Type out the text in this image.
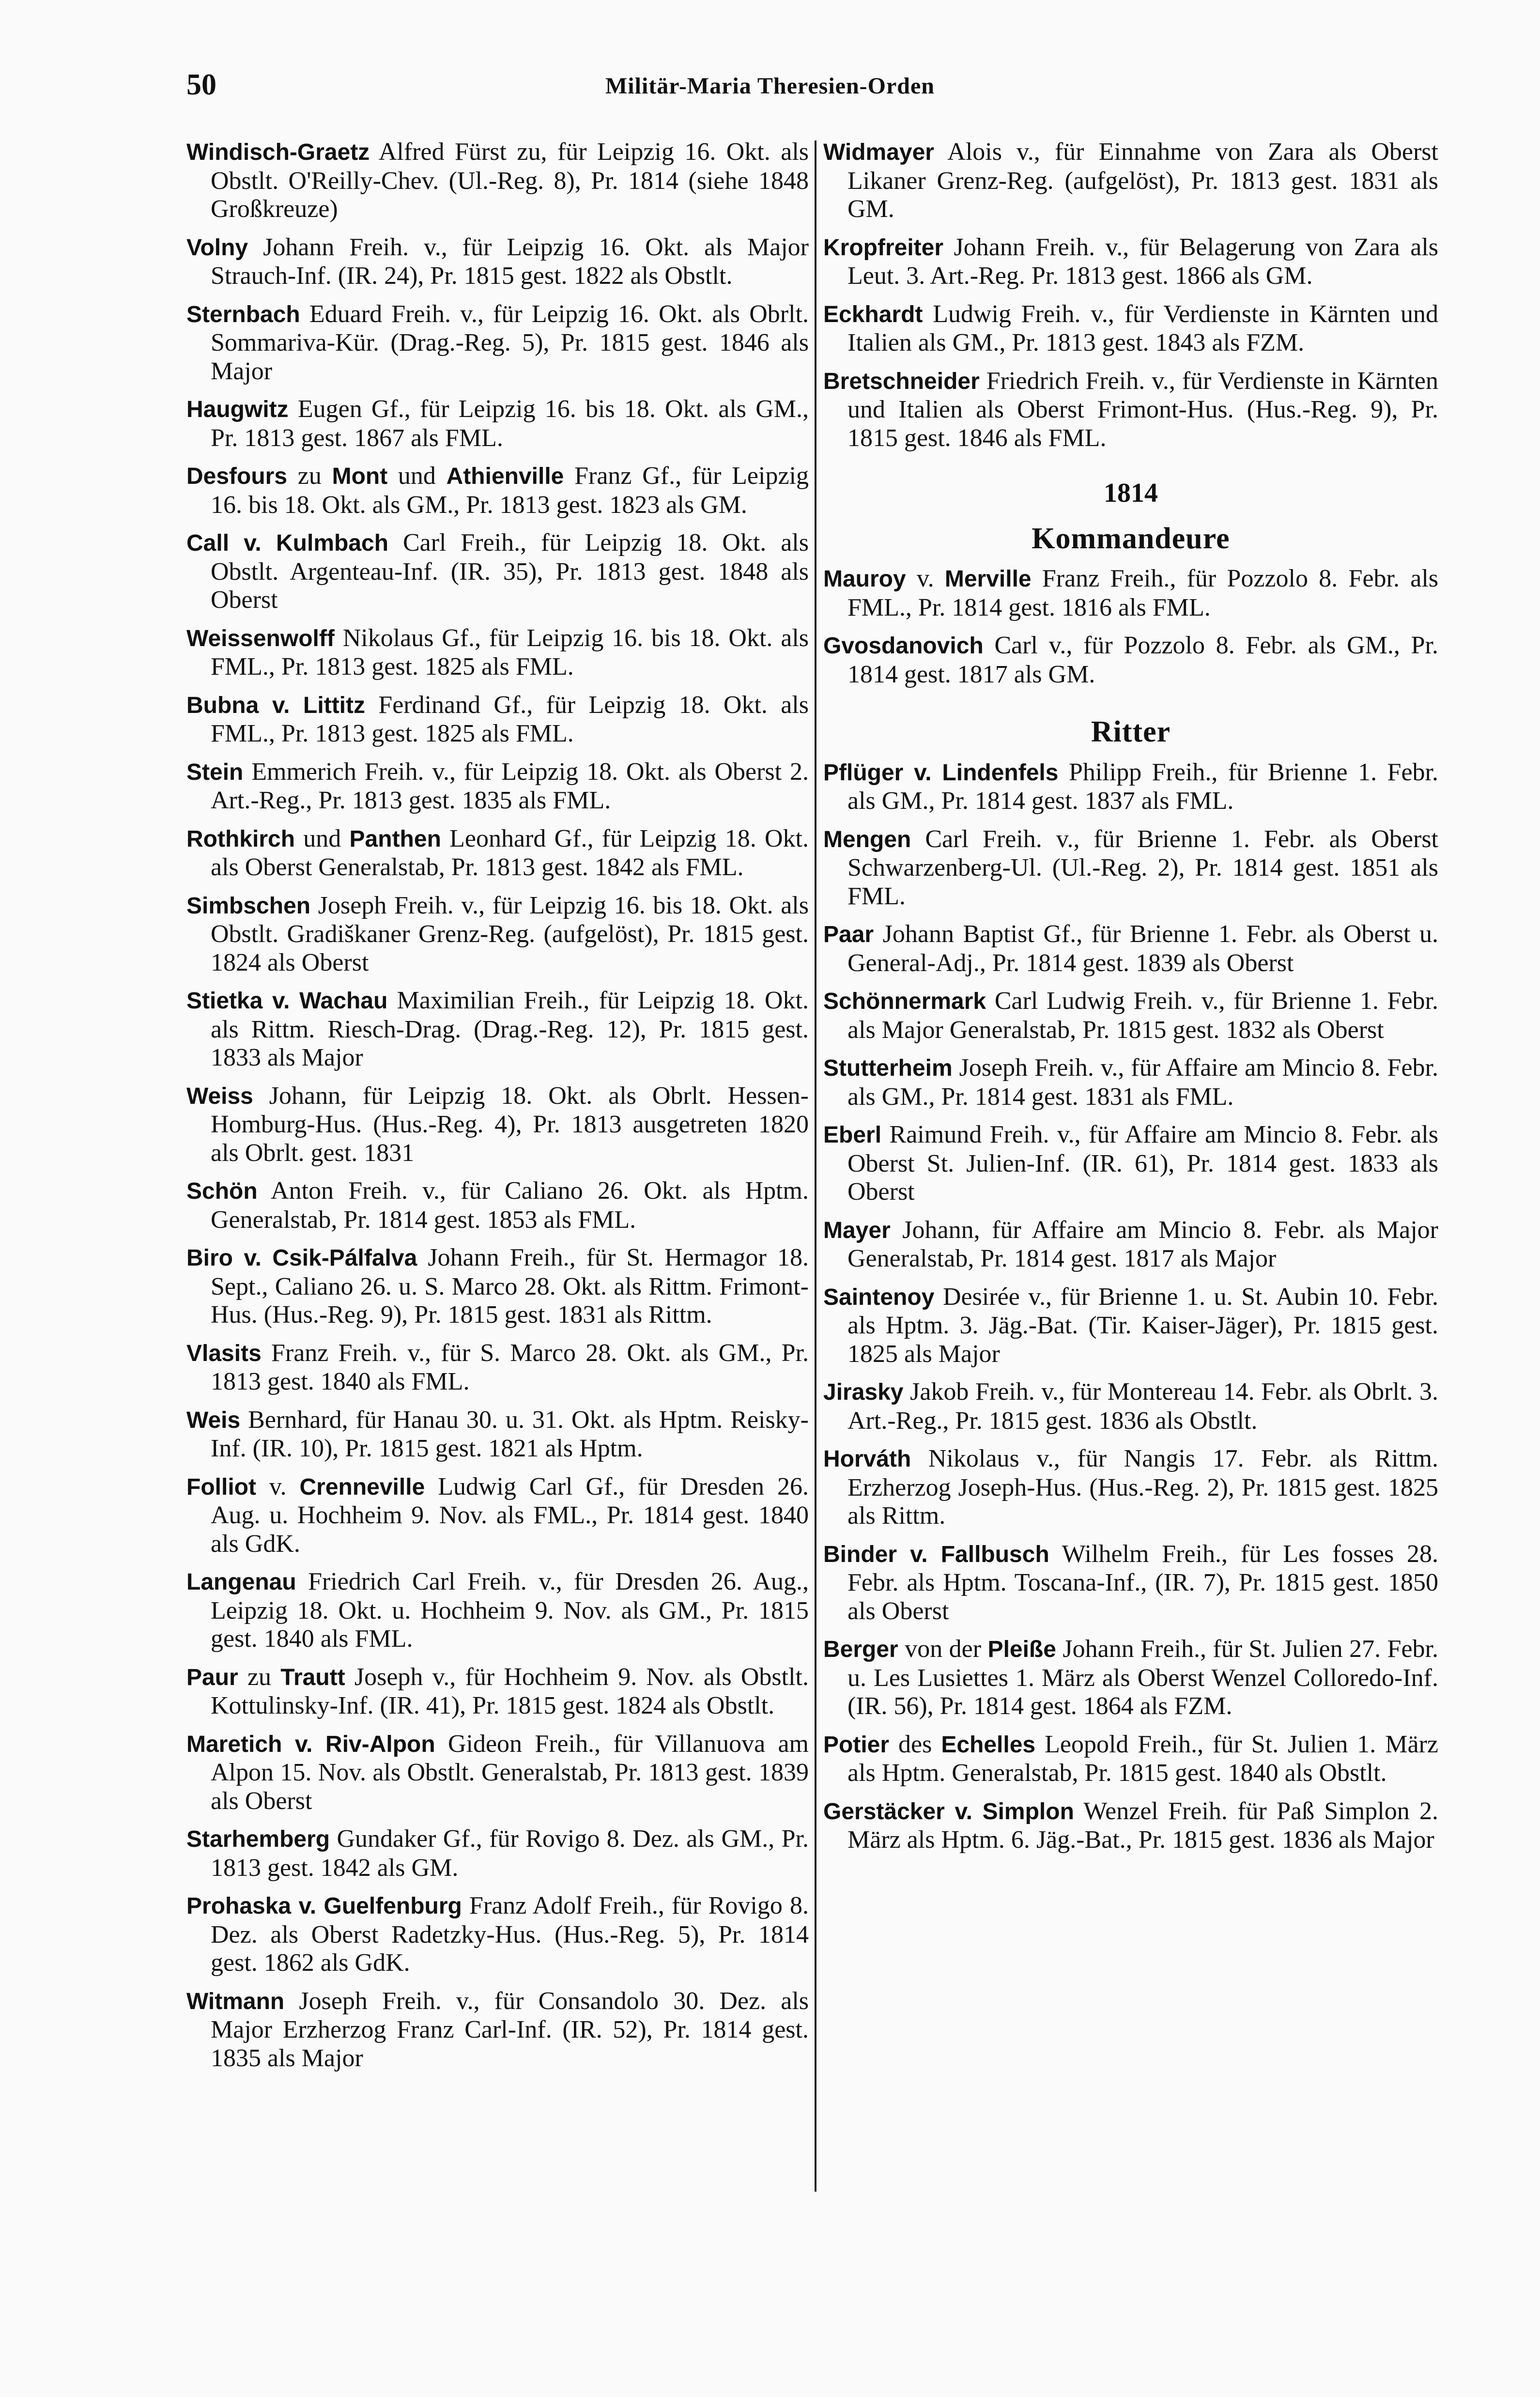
50	Militär-Maria Theresien-Orden

Windisch-Graetz Alfred Fürst zu, für Leipzig 16. Okt. als Obstlt. O'Reilly-Chev. (Ul.-Reg. 8), Pr. 1814 (siehe 1848 Großkreuze)

Volny Johann Freih. v., für Leipzig 16. Okt. als Major Strauch-Inf. (IR. 24), Pr. 1815 gest. 1822 als Obstlt.

Sternbach Eduard Freih. v., für Leipzig 16. Okt. als Obrlt. Sommariva-Kür. (Drag.-Reg. 5), Pr. 1815 gest. 1846 als Major

Haugwitz Eugen Gf., für Leipzig 16. bis 18. Okt. als GM., Pr. 1813 gest. 1867 als FML.

Desfours zu Mont und Athienville Franz Gf., für Leipzig 16. bis 18. Okt. als GM., Pr. 1813 gest. 1823 als GM.

Call v. Kulmbach Carl Freih., für Leipzig 18. Okt. als Obstlt. Argenteau-Inf. (IR. 35), Pr. 1813 gest. 1848 als Oberst

Weissenwolff Nikolaus Gf., für Leipzig 16. bis 18. Okt. als FML., Pr. 1813 gest. 1825 als FML.

Bubna v. Littitz Ferdinand Gf., für Leipzig 18. Okt. als FML., Pr. 1813 gest. 1825 als FML.

Stein Emmerich Freih. v., für Leipzig 18. Okt. als Oberst 2. Art.-Reg., Pr. 1813 gest. 1835 als FML.

Rothkirch und Panthen Leonhard Gf., für Leipzig 18. Okt. als Oberst Generalstab, Pr. 1813 gest. 1842 als FML.

Simbschen Joseph Freih. v., für Leipzig 16. bis 18. Okt. als Obstlt. Gradiškaner Grenz-Reg. (aufgelöst), Pr. 1815 gest. 1824 als Oberst

Stietka v. Wachau Maximilian Freih., für Leipzig 18. Okt. als Rittm. Riesch-Drag. (Drag.-Reg. 12), Pr. 1815 gest. 1833 als Major

Weiss Johann, für Leipzig 18. Okt. als Obrlt. Hessen-Homburg-Hus. (Hus.-Reg. 4), Pr. 1813 ausgetreten 1820 als Obrlt. gest. 1831

Schön Anton Freih. v., für Caliano 26. Okt. als Hptm. Generalstab, Pr. 1814 gest. 1853 als FML.

Biro v. Csik-Pálfalva Johann Freih., für St. Hermagor 18. Sept., Caliano 26. u. S. Marco 28. Okt. als Rittm. Frimont-Hus. (Hus.-Reg. 9), Pr. 1815 gest. 1831 als Rittm.

Vlasits Franz Freih. v., für S. Marco 28. Okt. als GM., Pr. 1813 gest. 1840 als FML.

Weis Bernhard, für Hanau 30. u. 31. Okt. als Hptm. Reisky-Inf. (IR. 10), Pr. 1815 gest. 1821 als Hptm.

Folliot v. Crenneville Ludwig Carl Gf., für Dresden 26. Aug. u. Hochheim 9. Nov. als FML., Pr. 1814 gest. 1840 als GdK.

Langenau Friedrich Carl Freih. v., für Dresden 26. Aug., Leipzig 18. Okt. u. Hochheim 9. Nov. als GM., Pr. 1815 gest. 1840 als FML.

Paur zu Trautt Joseph v., für Hochheim 9. Nov. als Obstlt. Kottulinsky-Inf. (IR. 41), Pr. 1815 gest. 1824 als Obstlt.

Maretich v. Riv-Alpon Gideon Freih., für Villanuova am Alpon 15. Nov. als Obstlt. Generalstab, Pr. 1813 gest. 1839 als Oberst

Starhemberg Gundaker Gf., für Rovigo 8. Dez. als GM., Pr. 1813 gest. 1842 als GM.

Prohaska v. Guelfenburg Franz Adolf Freih., für Rovigo 8. Dez. als Oberst Radetzky-Hus. (Hus.-Reg. 5), Pr. 1814 gest. 1862 als GdK.

Witmann Joseph Freih. v., für Consandolo 30. Dez. als Major Erzherzog Franz Carl-Inf. (IR. 52), Pr. 1814 gest. 1835 als Major

Widmayer Alois v., für Einnahme von Zara als Oberst Likaner Grenz-Reg. (aufgelöst), Pr. 1813 gest. 1831 als GM.

Kropfreiter Johann Freih. v., für Belagerung von Zara als Leut. 3. Art.-Reg. Pr. 1813 gest. 1866 als GM.

Eckhardt Ludwig Freih. v., für Verdienste in Kärnten und Italien als GM., Pr. 1813 gest. 1843 als FZM.

Bretschneider Friedrich Freih. v., für Verdienste in Kärnten und Italien als Oberst Frimont-Hus. (Hus.-Reg. 9), Pr. 1815 gest. 1846 als FML.

1814
Kommandeure

Mauroy v. Merville Franz Freih., für Pozzolo 8. Febr. als FML., Pr. 1814 gest. 1816 als FML.

Gvosdanovich Carl v., für Pozzolo 8. Febr. als GM., Pr. 1814 gest. 1817 als GM.

Ritter

Pflüger v. Lindenfels Philipp Freih., für Brienne 1. Febr. als GM., Pr. 1814 gest. 1837 als FML.

Mengen Carl Freih. v., für Brienne 1. Febr. als Oberst Schwarzenberg-Ul. (Ul.-Reg. 2), Pr. 1814 gest. 1851 als FML.

Paar Johann Baptist Gf., für Brienne 1. Febr. als Oberst u. General-Adj., Pr. 1814 gest. 1839 als Oberst

Schönnermark Carl Ludwig Freih. v., für Brienne 1. Febr. als Major Generalstab, Pr. 1815 gest. 1832 als Oberst

Stutterheim Joseph Freih. v., für Affaire am Mincio 8. Febr. als GM., Pr. 1814 gest. 1831 als FML.

Eberl Raimund Freih. v., für Affaire am Mincio 8. Febr. als Oberst St. Julien-Inf. (IR. 61), Pr. 1814 gest. 1833 als Oberst

Mayer Johann, für Affaire am Mincio 8. Febr. als Major Generalstab, Pr. 1814 gest. 1817 als Major

Saintenoy Desirée v., für Brienne 1. u. St. Aubin 10. Febr. als Hptm. 3. Jäg.-Bat. (Tir. Kaiser-Jäger), Pr. 1815 gest. 1825 als Major

Jirasky Jakob Freih. v., für Montereau 14. Febr. als Obrlt. 3. Art.-Reg., Pr. 1815 gest. 1836 als Obstlt.

Horváth Nikolaus v., für Nangis 17. Febr. als Rittm. Erzherzog Joseph-Hus. (Hus.-Reg. 2), Pr. 1815 gest. 1825 als Rittm.

Binder v. Fallbusch Wilhelm Freih., für Les fosses 28. Febr. als Hptm. Toscana-Inf., (IR. 7), Pr. 1815 gest. 1850 als Oberst

Berger von der Pleiße Johann Freih., für St. Julien 27. Febr. u. Les Lusiettes 1. März als Oberst Wenzel Colloredo-Inf. (IR. 56), Pr. 1814 gest. 1864 als FZM.

Potier des Echelles Leopold Freih., für St. Julien 1. März als Hptm. Generalstab, Pr. 1815 gest. 1840 als Obstlt.

Gerstäcker v. Simplon Wenzel Freih. für Paß Simplon 2. März als Hptm. 6. Jäg.-Bat., Pr. 1815 gest. 1836 als Major
